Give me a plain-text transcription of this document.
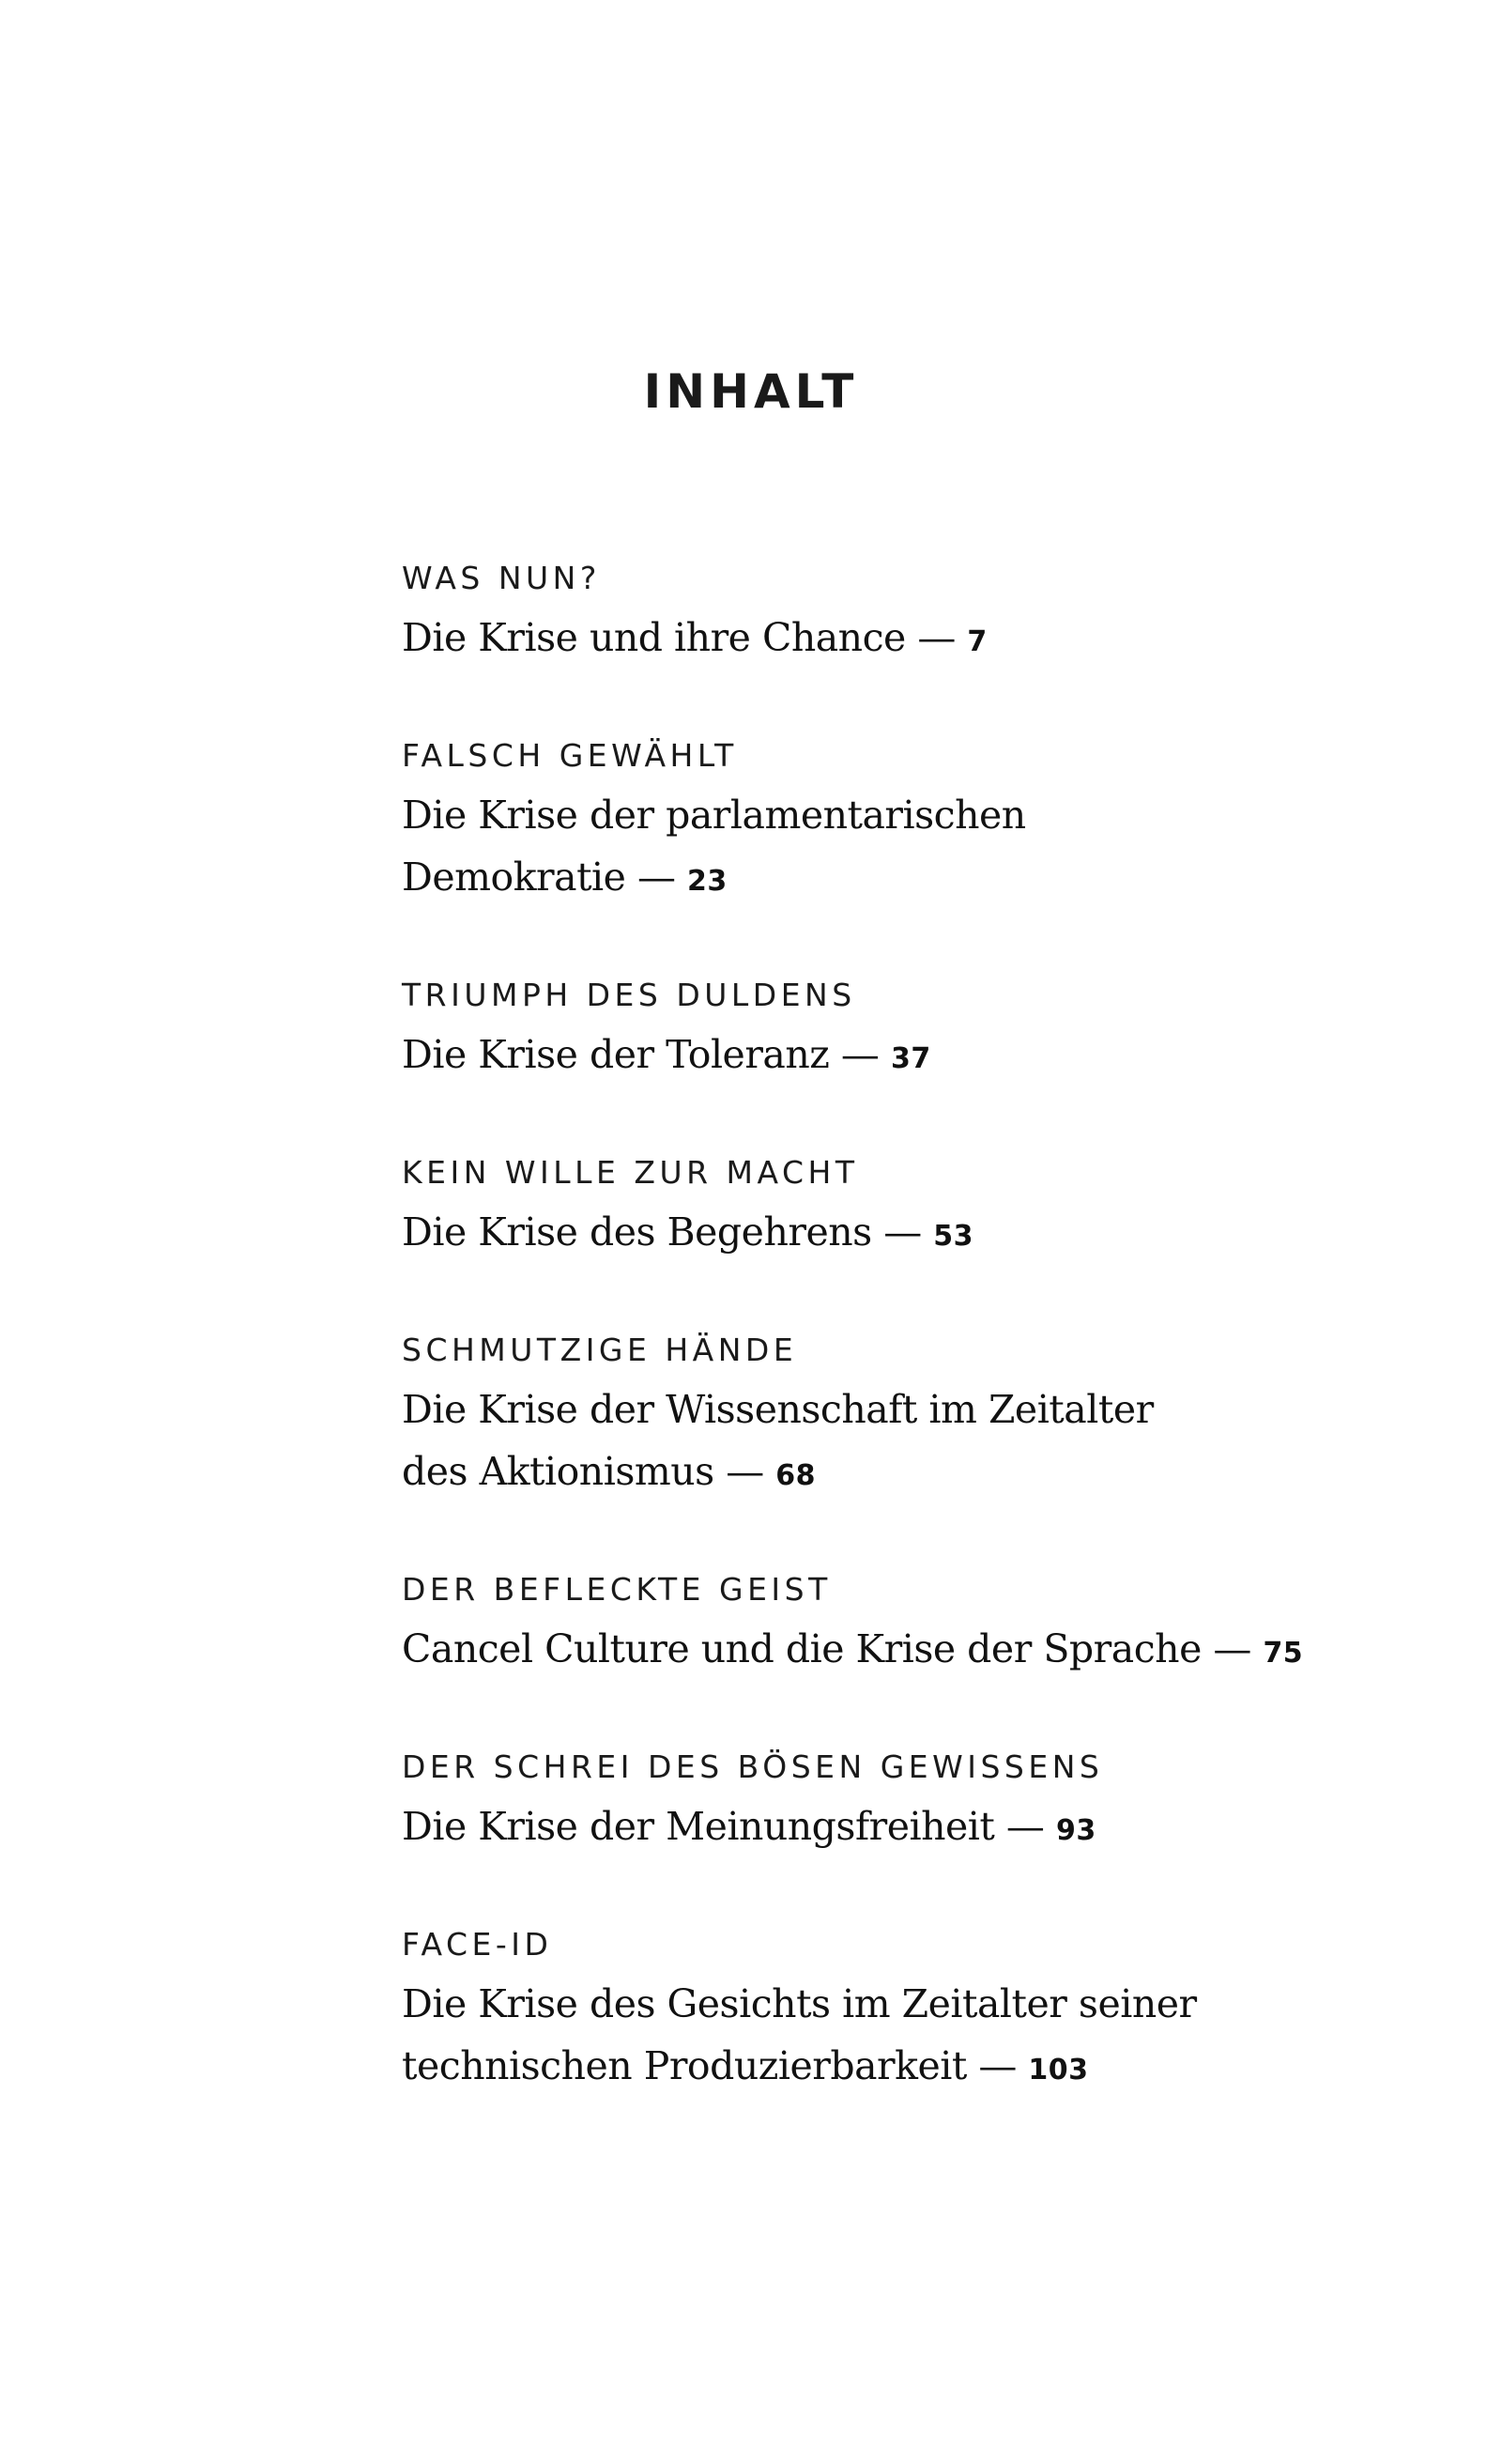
INHALT
WAS NUN?
Die Krise und ihre Chance — 7
FALSCH GEWÄHLT
Die Krise der parlamentarischen
Demokratie — 23
TRIUMPH DES DULDENS
Die Krise der Toleranz — 37
KEIN WILLE ZUR MACHT
Die Krise des Begehrens — 53
SCHMUTZIGE HÄNDE
Die Krise der Wissenschaft im Zeitalter
des Aktionismus — 68
DER BEFLECKTE GEIST
Cancel Culture und die Krise der Sprache — 75
DER SCHREI DES BÖSEN GEWISSENS
Die Krise der Meinungsfreiheit — 93
FACE-ID
Die Krise des Gesichts im Zeitalter seiner
technischen Produzierbarkeit — 103
